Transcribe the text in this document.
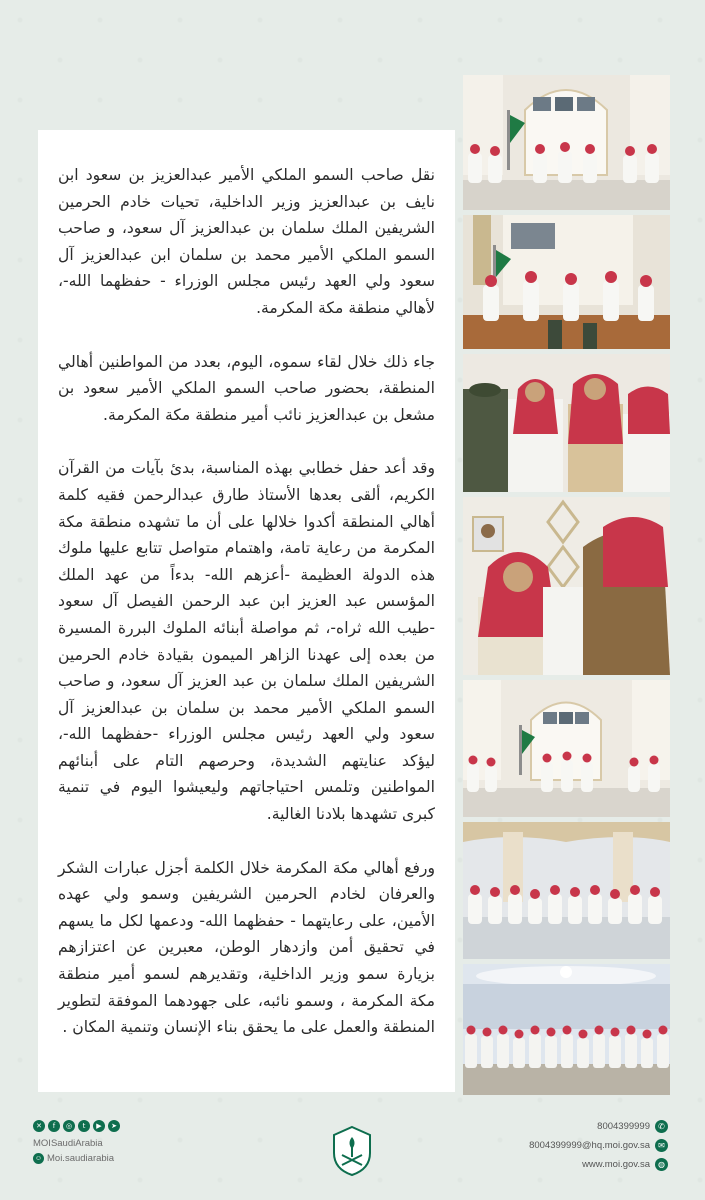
نقل صاحب السمو الملكي الأمير عبدالعزيز بن سعود ابن نايف بن عبدالعزيز وزير الداخلية، تحيات خادم الحرمين الشريفين الملك سلمان بن عبدالعزيز آل سعود، و صاحب السمو الملكي الأمير محمد بن سلمان ابن عبدالعزيز آل سعود ولي العهد رئيس مجلس الوزراء - حفظهما الله-، لأهالي منطقة مكة المكرمة.

جاء ذلك خلال لقاء سموه، اليوم، بعدد من المواطنين أهالي المنطقة، بحضور صاحب السمو الملكي الأمير سعود بن مشعل بن عبدالعزيز نائب أمير منطقة مكة المكرمة.

وقد أعد حفل خطابي بهذه المناسبة، بدئ بآيات من القرآن الكريم، ألقى بعدها الأستاذ طارق عبدالرحمن فقيه كلمة أهالي المنطقة أكدوا خلالها على أن ما تشهده منطقة مكة المكرمة من رعاية تامة، واهتمام متواصل تتابع عليها ملوك هذه الدولة العظيمة -أعزهم الله- بدءاً من عهد الملك المؤسس عبد العزيز ابن عبد الرحمن الفيصل آل سعود -طيب الله ثراه-، ثم مواصلة أبنائه الملوك البررة المسيرة من بعده إلى عهدنا الزاهر الميمون بقيادة خادم الحرمين الشريفين الملك سلمان بن عبد العزيز آل سعود، و صاحب السمو الملكي الأمير محمد بن سلمان بن عبدالعزيز آل سعود ولي العهد رئيس مجلس الوزراء -حفظهما الله-، ليؤكد عنايتهم الشديدة، وحرصهم التام على أبنائهم المواطنين وتلمس احتياجاتهم وليعيشوا اليوم في تنمية كبرى تشهدها بلادنا الغالية.

ورفع أهالي مكة المكرمة خلال الكلمة أجزل عبارات الشكر والعرفان لخادم الحرمين الشريفين وسمو ولي عهده الأمين، على رعايتهما - حفظهما الله- ودعمها لكل ما يسهم في تحقيق أمن وازدهار الوطن، معبرين عن اعتزازهم بزيارة سمو وزير الداخلية، وتقديرهم لسمو أمير منطقة مكة المكرمة ، وسمو نائبه، على جهودهما الموفقة لتطوير المنطقة والعمل على ما يحقق بناء الإنسان وتنمية المكان .

✕	f	◎	t	▶	➤
MOISaudiArabia
☺ Moi.saudiarabia
8004399999	✆
8004399999@hq.moi.gov.sa	✉
www.moi.gov.sa	◍
